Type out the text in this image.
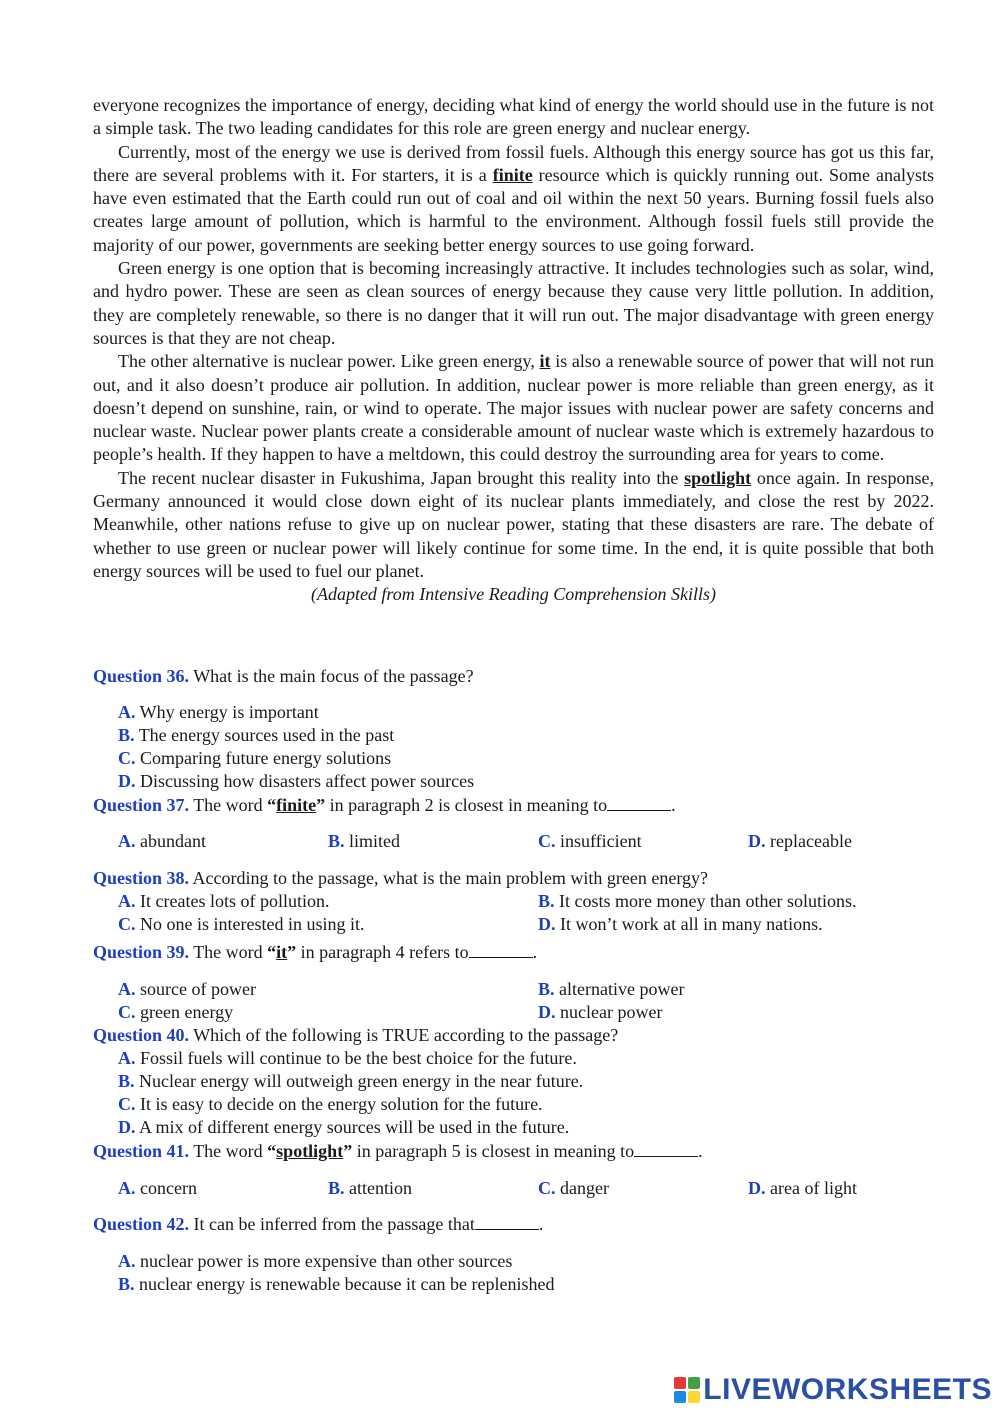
everyone recognizes the importance of energy, deciding what kind of energy the world should use in the future is not a simple task. The two leading candidates for this role are green energy and nuclear energy.

Currently, most of the energy we use is derived from fossil fuels. Although this energy source has got us this far, there are several problems with it. For starters, it is a finite resource which is quickly running out. Some analysts have even estimated that the Earth could run out of coal and oil within the next 50 years. Burning fossil fuels also creates large amount of pollution, which is harmful to the environment. Although fossil fuels still provide the majority of our power, governments are seeking better energy sources to use going forward.

Green energy is one option that is becoming increasingly attractive. It includes technologies such as solar, wind, and hydro power. These are seen as clean sources of energy because they cause very little pollution. In addition, they are completely renewable, so there is no danger that it will run out. The major disadvantage with green energy sources is that they are not cheap.

The other alternative is nuclear power. Like green energy, it is also a renewable source of power that will not run out, and it also doesn’t produce air pollution. In addition, nuclear power is more reliable than green energy, as it doesn’t depend on sunshine, rain, or wind to operate. The major issues with nuclear power are safety concerns and nuclear waste. Nuclear power plants create a considerable amount of nuclear waste which is extremely hazardous to people’s health. If they happen to have a meltdown, this could destroy the surrounding area for years to come.

The recent nuclear disaster in Fukushima, Japan brought this reality into the spotlight once again. In response, Germany announced it would close down eight of its nuclear plants immediately, and close the rest by 2022. Meanwhile, other nations refuse to give up on nuclear power, stating that these disasters are rare. The debate of whether to use green or nuclear power will likely continue for some time. In the end, it is quite possible that both energy sources will be used to fuel our planet.

(Adapted from Intensive Reading Comprehension Skills)

Question 36. What is the main focus of the passage?
A. Why energy is important
B. The energy sources used in the past
C. Comparing future energy solutions
D. Discussing how disasters affect power sources
Question 37. The word “finite” in paragraph 2 is closest in meaning to	.
A. abundant	B. limited	C. insufficient	D. replaceable
Question 38. According to the passage, what is the main problem with green energy?
A. It creates lots of pollution.	B. It costs more money than other solutions.
C. No one is interested in using it.	D. It won’t work at all in many nations.
Question 39. The word “it” in paragraph 4 refers to	.
A. source of power	B. alternative power
C. green energy	D. nuclear power
Question 40. Which of the following is TRUE according to the passage?
A. Fossil fuels will continue to be the best choice for the future.
B. Nuclear energy will outweigh green energy in the near future.
C. It is easy to decide on the energy solution for the future.
D. A mix of different energy sources will be used in the future.
Question 41. The word “spotlight” in paragraph 5 is closest in meaning to	.
A. concern	B. attention	C. danger	D. area of light
Question 42. It can be inferred from the passage that	.
A. nuclear power is more expensive than other sources
B. nuclear energy is renewable because it can be replenished
LIVEWORKSHEETS
